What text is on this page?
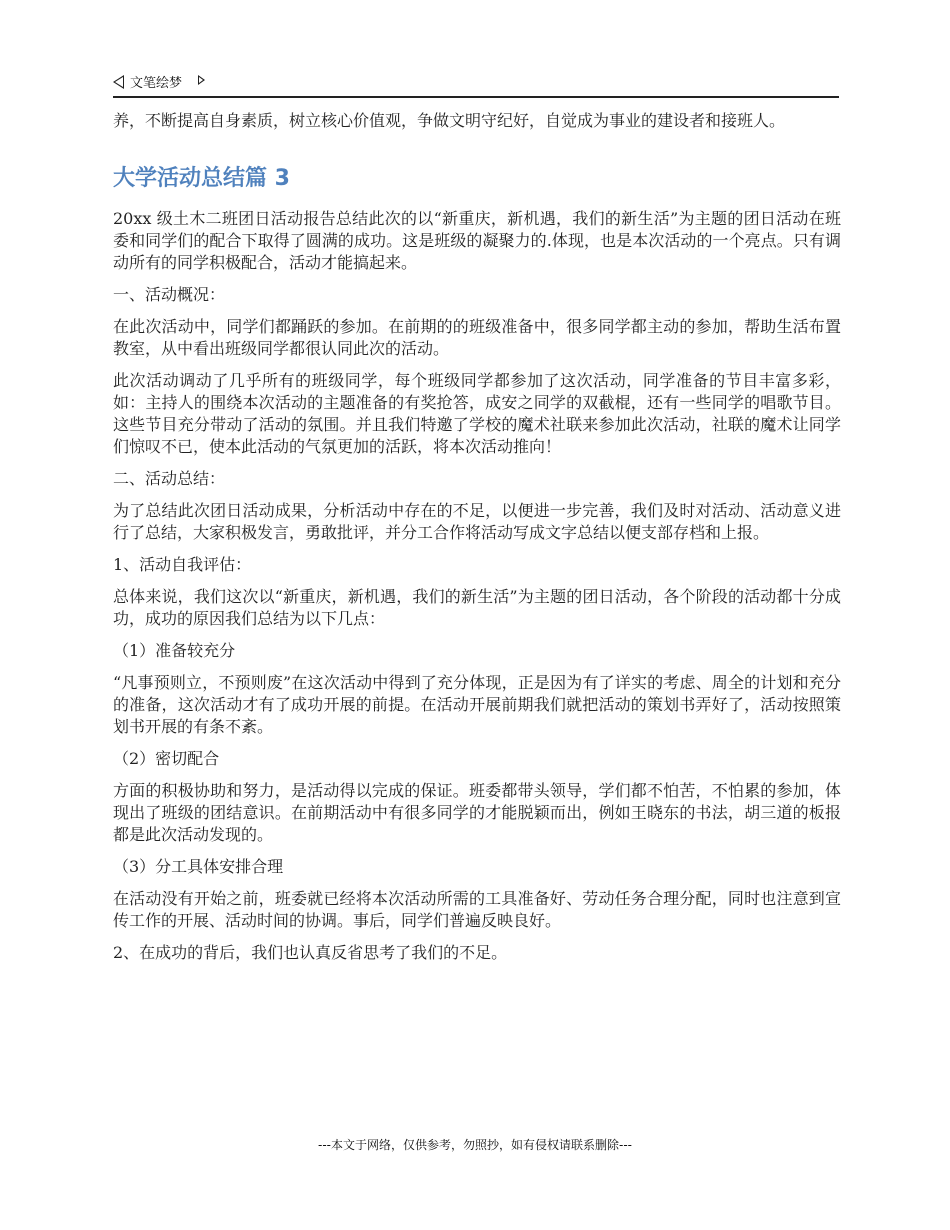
文笔绘梦

养，不断提高自身素质，树立核心价值观，争做文明守纪好，自觉成为事业的建设者和接班人。

大学活动总结篇 3

20xx 级土木二班团日活动报告总结此次的以“新重庆，新机遇，我们的新生活”为主题的团日活动在班委和同学们的配合下取得了圆满的成功。这是班级的凝聚力的.体现，也是本次活动的一个亮点。只有调动所有的同学积极配合，活动才能搞起来。

一、活动概况：

在此次活动中，同学们都踊跃的参加。在前期的的班级准备中，很多同学都主动的参加，帮助生活布置教室，从中看出班级同学都很认同此次的活动。

此次活动调动了几乎所有的班级同学，每个班级同学都参加了这次活动，同学准备的节目丰富多彩，如：主持人的围绕本次活动的主题准备的有奖抢答，成安之同学的双截棍，还有一些同学的唱歌节目。这些节目充分带动了活动的氛围。并且我们特邀了学校的魔术社联来参加此次活动，社联的魔术让同学们惊叹不已，使本此活动的气氛更加的活跃，将本次活动推向！

二、活动总结：

为了总结此次团日活动成果，分析活动中存在的不足，以便进一步完善，我们及时对活动、活动意义进行了总结，大家积极发言，勇敢批评，并分工合作将活动写成文字总结以便支部存档和上报。

1、活动自我评估：

总体来说，我们这次以“新重庆，新机遇，我们的新生活”为主题的团日活动，各个阶段的活动都十分成功，成功的原因我们总结为以下几点：

（1）准备较充分

“凡事预则立，不预则废”在这次活动中得到了充分体现，正是因为有了详实的考虑、周全的计划和充分的准备，这次活动才有了成功开展的前提。在活动开展前期我们就把活动的策划书弄好了，活动按照策划书开展的有条不紊。

（2）密切配合

方面的积极协助和努力，是活动得以完成的保证。班委都带头领导，学们都不怕苦，不怕累的参加，体现出了班级的团结意识。在前期活动中有很多同学的才能脱颖而出，例如王晓东的书法，胡三道的板报都是此次活动发现的。

（3）分工具体安排合理

在活动没有开始之前，班委就已经将本次活动所需的工具准备好、劳动任务合理分配，同时也注意到宣传工作的开展、活动时间的协调。事后，同学们普遍反映良好。

2、在成功的背后，我们也认真反省思考了我们的不足。

---本文于网络，仅供参考，勿照抄，如有侵权请联系删除---
